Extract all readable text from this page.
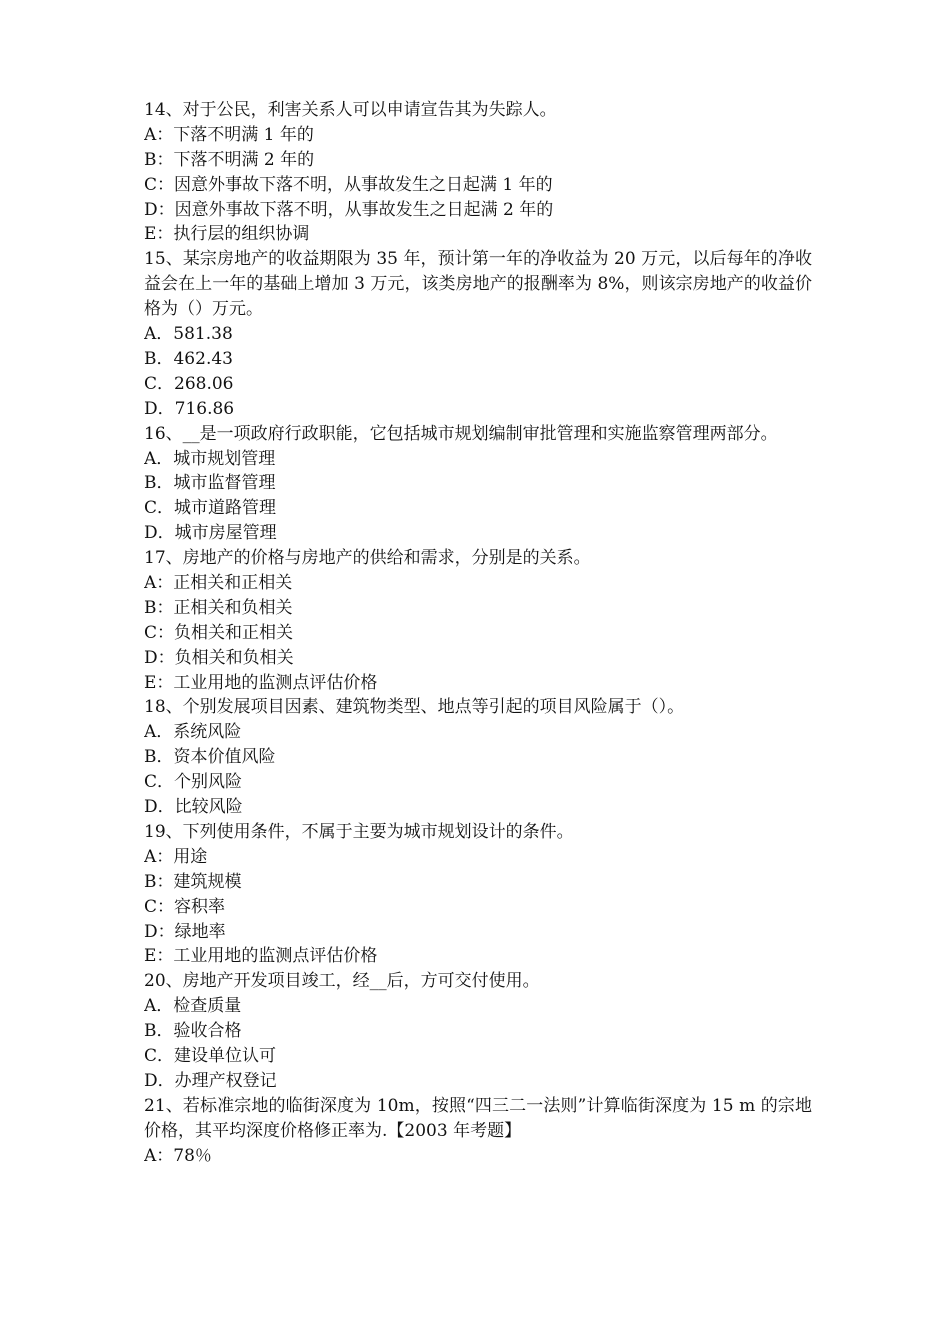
14、对于公民，利害关系人可以申请宣告其为失踪人。
A：下落不明满 1 年的
B：下落不明满 2 年的
C：因意外事故下落不明，从事故发生之日起满 1 年的
D：因意外事故下落不明，从事故发生之日起满 2 年的
E：执行层的组织协调
15、某宗房地产的收益期限为 35 年，预计第一年的净收益为 20 万元，以后每年的净收益会在上一年的基础上增加 3 万元，该类房地产的报酬率为 8%，则该宗房地产的收益价格为（）万元。
A．581.38
B．462.43
C．268.06
D．716.86
16、__是一项政府行政职能，它包括城市规划编制审批管理和实施监察管理两部分。
A．城市规划管理
B．城市监督管理
C．城市道路管理
D．城市房屋管理
17、房地产的价格与房地产的供给和需求，分别是的关系。
A：正相关和正相关
B：正相关和负相关
C：负相关和正相关
D：负相关和负相关
E：工业用地的监测点评估价格
18、个别发展项目因素、建筑物类型、地点等引起的项目风险属于（）。
A．系统风险
B．资本价值风险
C．个别风险
D．比较风险
19、下列使用条件，不属于主要为城市规划设计的条件。
A：用途
B：建筑规模
C：容积率
D：绿地率
E：工业用地的监测点评估价格
20、房地产开发项目竣工，经__后，方可交付使用。
A．检查质量
B．验收合格
C．建设单位认可
D．办理产权登记
21、若标准宗地的临街深度为 10m，按照“四三二一法则”计算临街深度为 15 m 的宗地价格，其平均深度价格修正率为.【2003 年考题】
A：78％
